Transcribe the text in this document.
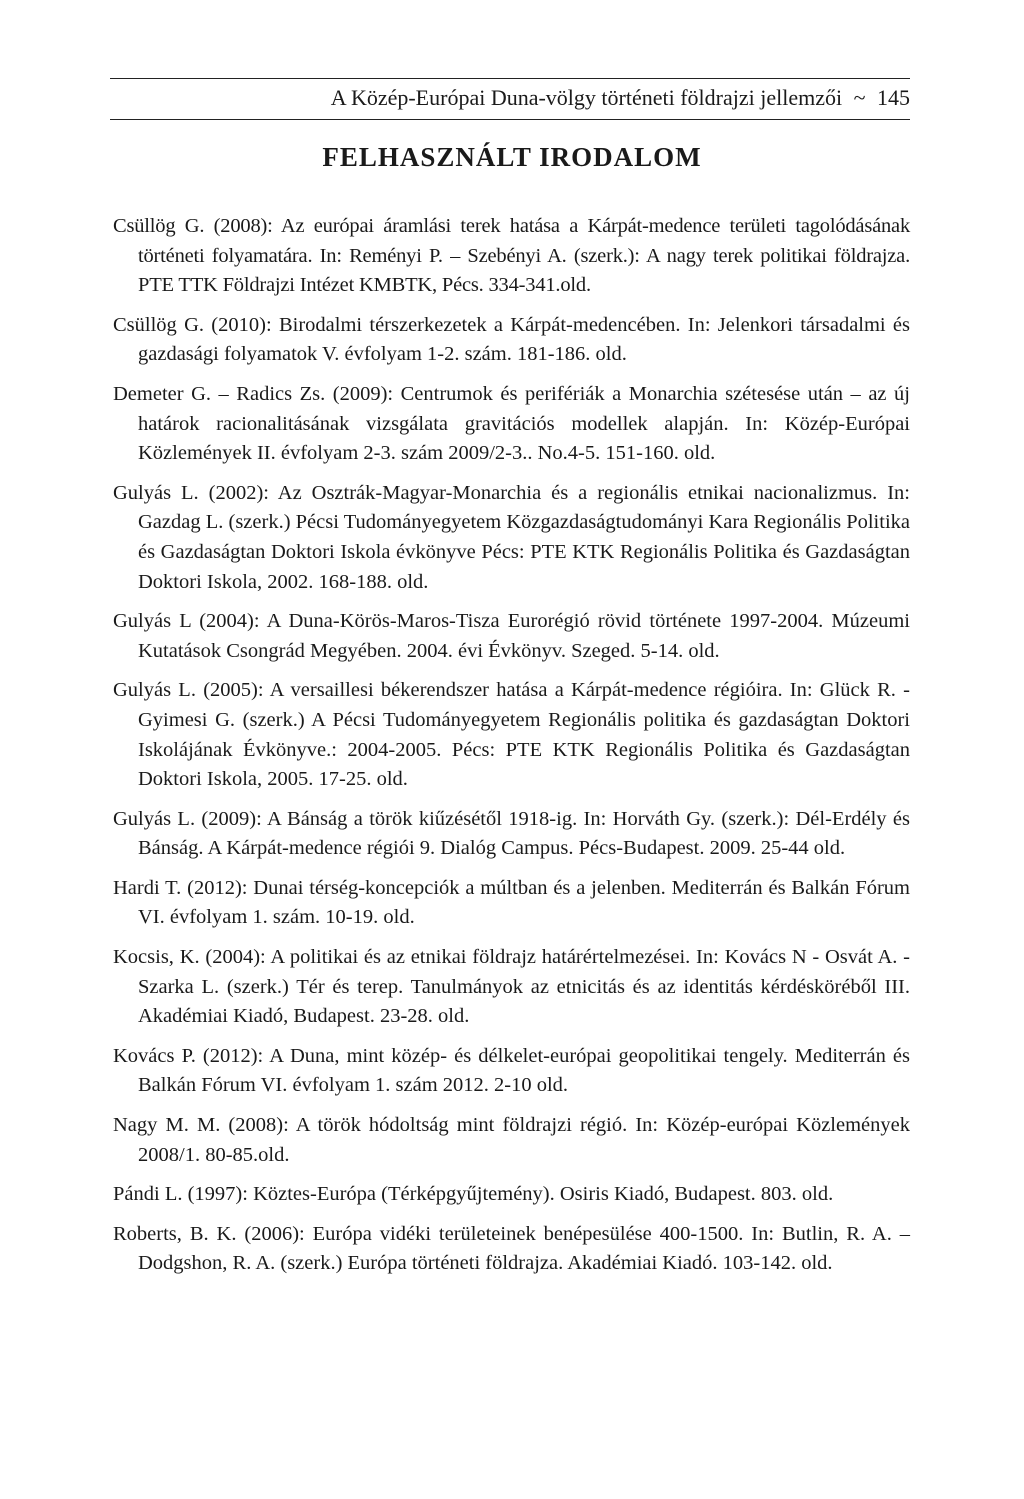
A Közép-Európai Duna-völgy történeti földrajzi jellemzői ~ 145
FELHASZNÁLT IRODALOM
Csüllög G. (2008): Az európai áramlási terek hatása a Kárpát-medence területi tagolódásának történeti folyamatára. In: Reményi P. – Szebényi A. (szerk.): A nagy terek politikai földrajza. PTE TTK Földrajzi Intézet KMBTK, Pécs. 334-341.old.
Csüllög G. (2010): Birodalmi térszerkezetek a Kárpát-medencében. In: Jelenkori társadalmi és gazdasági folyamatok V. évfolyam 1-2. szám. 181-186. old.
Demeter G. – Radics Zs. (2009): Centrumok és perifériák a Monarchia szétesése után – az új határok racionalitásának vizsgálata gravitációs modellek alapján. In: Közép-Európai Közlemények II. évfolyam 2-3. szám 2009/2-3.. No.4-5. 151-160. old.
Gulyás L. (2002): Az Osztrák-Magyar-Monarchia és a regionális etnikai nacionalizmus. In: Gazdag L. (szerk.) Pécsi Tudományegyetem Közgazdaságtudományi Kara Regionális Politika és Gazdaságtan Doktori Iskola évkönyve Pécs: PTE KTK Regionális Politika és Gazdaságtan Doktori Iskola, 2002. 168-188. old.
Gulyás L (2004): A Duna-Körös-Maros-Tisza Eurorégió rövid története 1997-2004. Múzeumi Kutatások Csongrád Megyében. 2004. évi Évkönyv. Szeged. 5-14. old.
Gulyás L. (2005): A versaillesi békerendszer hatása a Kárpát-medence régióira. In: Glück R. - Gyimesi G. (szerk.) A Pécsi Tudományegyetem Regionális politika és gazdaságtan Doktori Iskolájának Évkönyve.: 2004-2005. Pécs: PTE KTK Regionális Politika és Gazdaságtan Doktori Iskola, 2005. 17-25. old.
Gulyás L. (2009): A Bánság a török kiűzésétől 1918-ig. In: Horváth Gy. (szerk.): Dél-Erdély és Bánság. A Kárpát-medence régiói 9. Dialóg Campus. Pécs-Budapest. 2009. 25-44 old.
Hardi T. (2012): Dunai térség-koncepciók a múltban és a jelenben. Mediterrán és Balkán Fórum VI. évfolyam 1. szám. 10-19. old.
Kocsis, K. (2004): A politikai és az etnikai földrajz határértelmezései. In: Kovács N - Osvát A. - Szarka L. (szerk.) Tér és terep. Tanulmányok az etnicitás és az identitás kérdésköréből III. Akadémiai Kiadó, Budapest. 23-28. old.
Kovács P. (2012): A Duna, mint közép- és délkelet-európai geopolitikai tengely. Mediterrán és Balkán Fórum VI. évfolyam 1. szám 2012. 2-10 old.
Nagy M. M. (2008): A török hódoltság mint földrajzi régió. In: Közép-európai Közlemények 2008/1. 80-85.old.
Pándi L. (1997): Köztes-Európa (Térképgyűjtemény). Osiris Kiadó, Budapest. 803. old.
Roberts, B. K. (2006): Európa vidéki területeinek benépesülése 400-1500. In: Butlin, R. A. – Dodgshon, R. A. (szerk.) Európa történeti földrajza. Akadémiai Kiadó. 103-142. old.
